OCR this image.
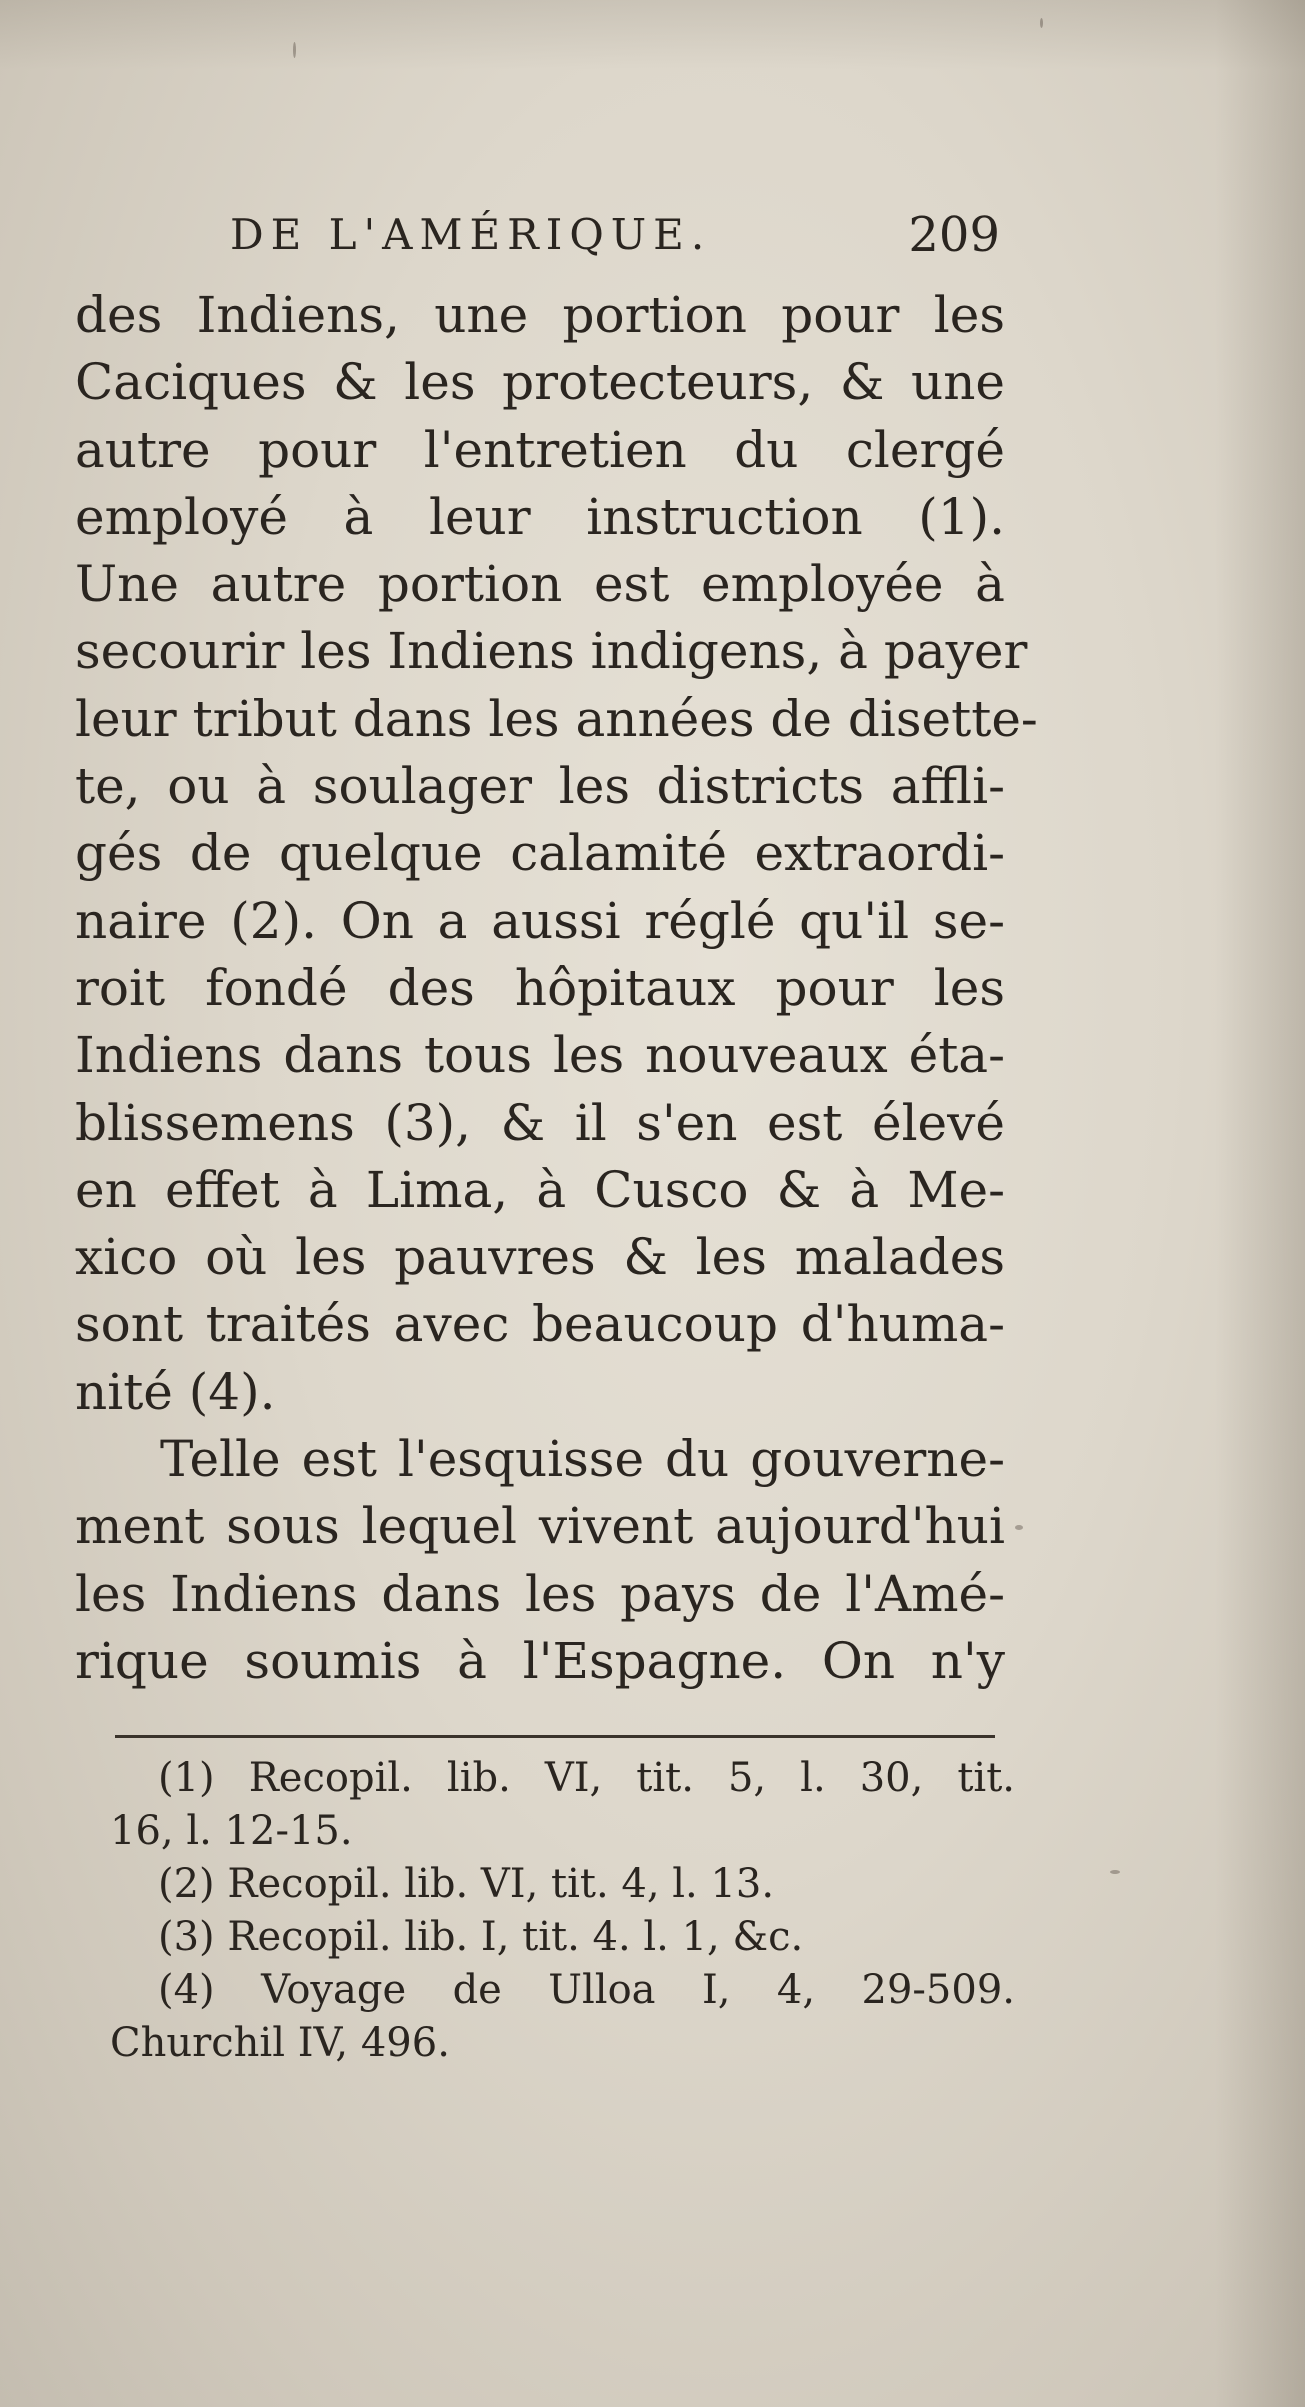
DE L'AMÉRIQUE.	209
des Indiens, une portion pour les
Caciques & les protecteurs, & une
autre pour l'entretien du clergé
employé à leur instruction (1).
Une autre portion est employée à
secourir les Indiens indigens, à payer
leur tribut dans les années de disette-
te, ou à soulager les districts affli-
gés de quelque calamité extraordi-
naire (2). On a aussi réglé qu'il se-
roit fondé des hôpitaux pour les
Indiens dans tous les nouveaux éta-
blissemens (3), & il s'en est élevé
en effet à Lima, à Cusco & à Me-
xico où les pauvres & les malades
sont traités avec beaucoup d'huma-
nité (4).
Telle est l'esquisse du gouverne-
ment sous lequel vivent aujourd'hui
les Indiens dans les pays de l'Amé-
rique soumis à l'Espagne. On n'y
(1) Recopil. lib. VI, tit. 5, l. 30, tit.
16, l. 12-15.
(2) Recopil. lib. VI, tit. 4, l. 13.
(3) Recopil. lib. I, tit. 4. l. 1, &c.
(4) Voyage de Ulloa I, 4, 29-509.
Churchil IV, 496.
